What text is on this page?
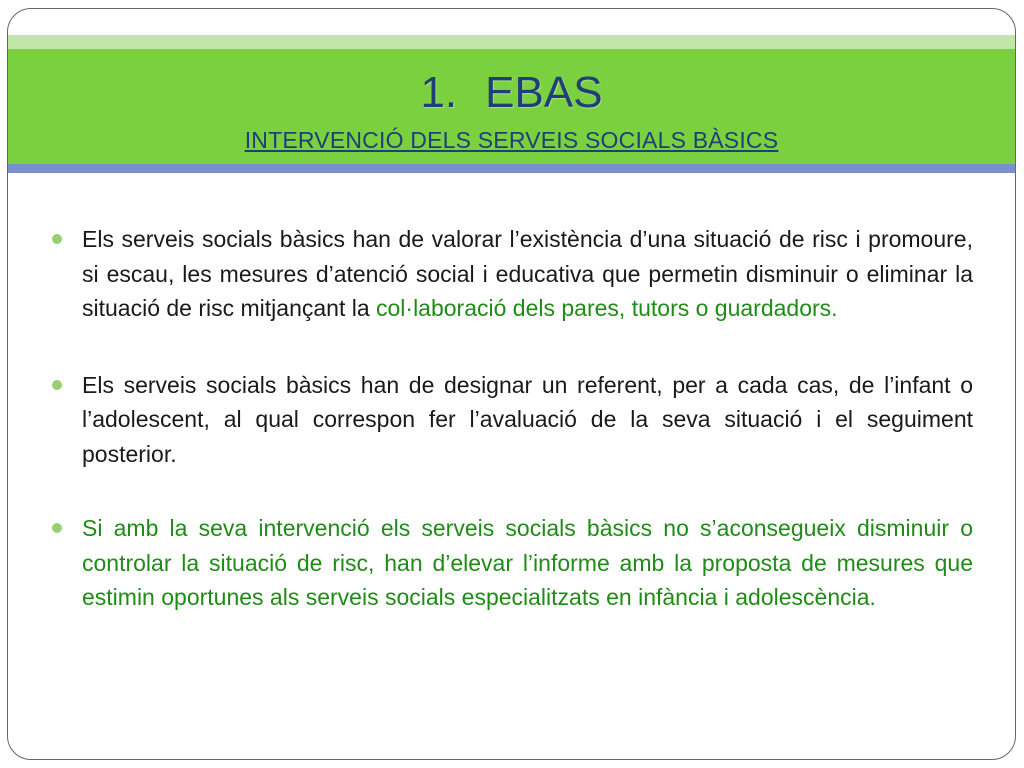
1. EBAS
INTERVENCIÓ DELS SERVEIS SOCIALS BÀSICS

Els serveis socials bàsics han de valorar l’existència d’una situació de risc i promoure, si escau, les mesures d’atenció social i educativa que permetin disminuir o eliminar la situació de risc mitjançant la col·laboració dels pares, tutors o guardadors.

Els serveis socials bàsics han de designar un referent, per a cada cas, de l’infant o l’adolescent, al qual correspon fer l’avaluació de la seva situació i el seguiment posterior.

Si amb la seva intervenció els serveis socials bàsics no s’aconsegueix disminuir o controlar la situació de risc, han d’elevar l’informe amb la proposta de mesures que estimin oportunes als serveis socials especialitzats en infància i adolescència.
